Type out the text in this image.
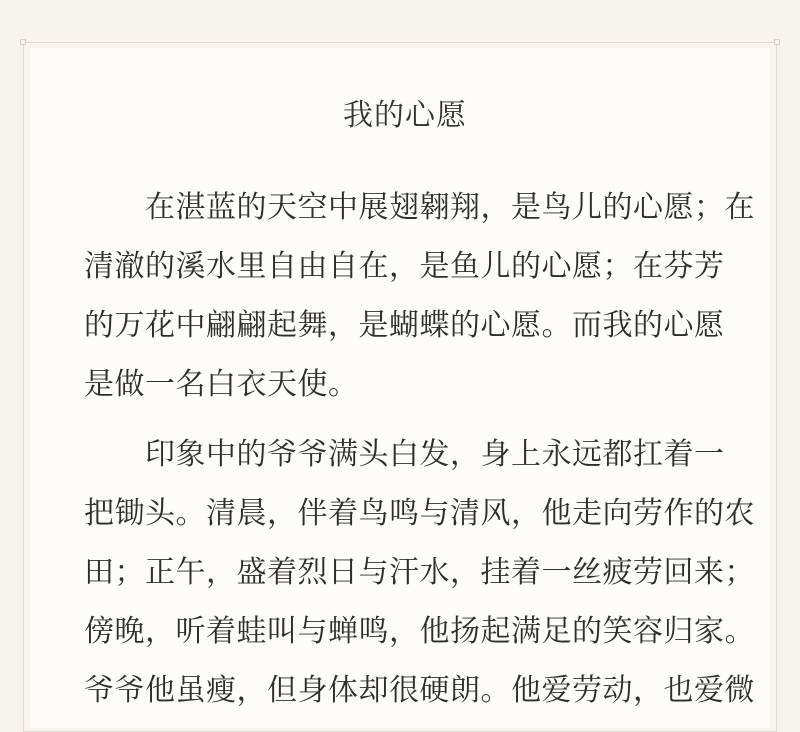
我的心愿

　　在湛蓝的天空中展翅翱翔，是鸟儿的心愿；在
清澈的溪水里自由自在，是鱼儿的心愿；在芬芳
的万花中翩翩起舞，是蝴蝶的心愿。而我的心愿
是做一名白衣天使。

　　印象中的爷爷满头白发，身上永远都扛着一
把锄头。清晨，伴着鸟鸣与清风，他走向劳作的农
田；正午，盛着烈日与汗水，挂着一丝疲劳回来；
傍晚，听着蛙叫与蝉鸣，他扬起满足的笑容归家。
爷爷他虽瘦，但身体却很硬朗。他爱劳动，也爱微
